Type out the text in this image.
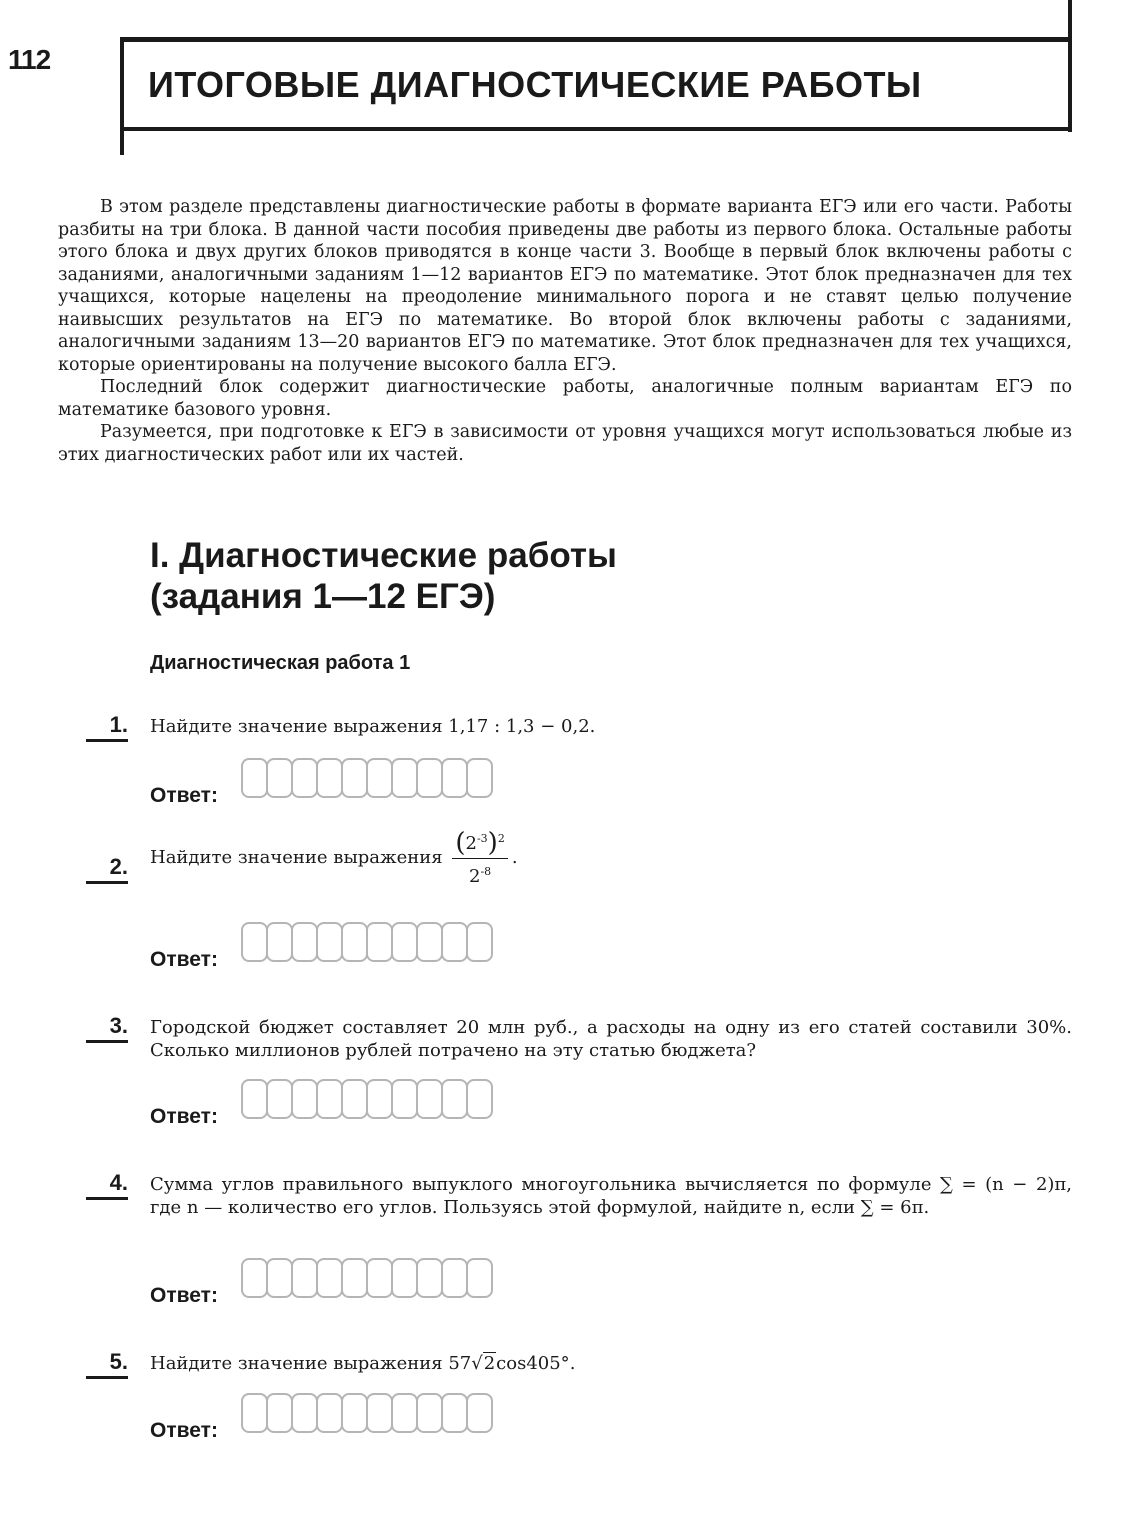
112
ИТОГОВЫЕ ДИАГНОСТИЧЕСКИЕ РАБОТЫ

В этом разделе представлены диагностические работы в формате варианта ЕГЭ или его части. Работы разбиты на три блока. В данной части пособия приведены две работы из первого блока. Остальные работы этого блока и двух других блоков приводятся в конце части 3. Вообще в первый блок включены работы с заданиями, аналогичными заданиям 1—12 вариантов ЕГЭ по математике. Этот блок предназначен для тех учащихся, которые нацелены на преодоление минимального порога и не ставят целью получение наивысших результатов на ЕГЭ по математике. Во второй блок включены работы с заданиями, аналогичными заданиям 13—20 вариантов ЕГЭ по математике. Этот блок предназначен для тех учащихся, которые ориентированы на получение высокого балла ЕГЭ.

Последний блок содержит диагностические работы, аналогичные полным вариантам ЕГЭ по математике базового уровня.

Разумеется, при подготовке к ЕГЭ в зависимости от уровня учащихся могут использоваться любые из этих диагностических работ или их частей.

I. Диагностические работы
(задания 1—12 ЕГЭ)
Диагностическая работа 1
1. Найдите значение выражения 1,17 : 1,3 − 0,2.
Ответ:
2. Найдите значение выражения $\frac{(2^{-3})^2}{2^{-8}}$ .
Ответ:
3. Городской бюджет составляет 20 млн руб., а расходы на одну из его статей составили 30%. Сколько миллионов рублей потрачено на эту статью бюджета?
Ответ:
4. Сумма углов правильного выпуклого многоугольника вычисляется по формуле ∑ = (n − 2)π, где n — количество его углов. Пользуясь этой формулой, найдите n, если ∑ = 6π.
Ответ:
5. Найдите значение выражения 57√2cos405°.
Ответ:
